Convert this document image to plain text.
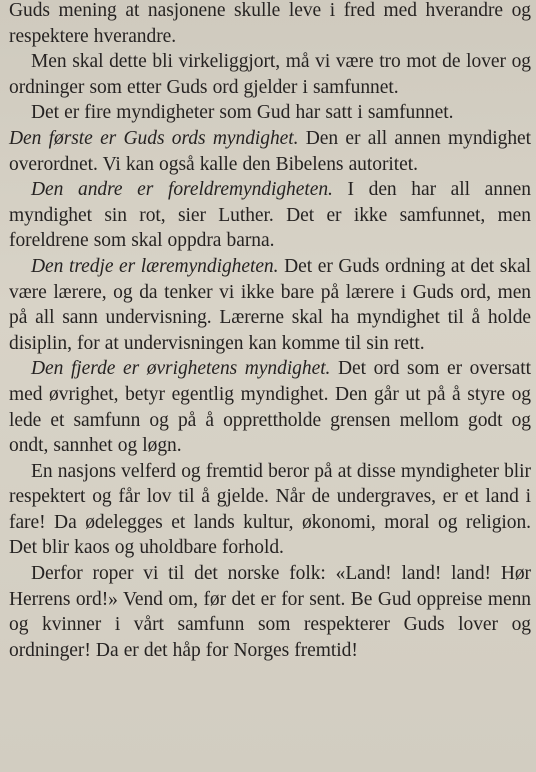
Guds mening at nasjonene skulle leve i fred med hverandre og respektere hverandre.

Men skal dette bli virkeliggjort, må vi være tro mot de lover og ordninger som etter Guds ord gjelder i samfunnet.

Det er fire myndigheter som Gud har satt i samfunnet.

Den første er Guds ords myndighet. Den er all annen myndighet overordnet. Vi kan også kalle den Bibelens autoritet.

Den andre er foreldremyndigheten. I den har all annen myndighet sin rot, sier Luther. Det er ikke samfunnet, men foreldrene som skal oppdra barna.

Den tredje er læremyndigheten. Det er Guds ordning at det skal være lærere, og da tenker vi ikke bare på lærere i Guds ord, men på all sann undervisning. Lærerne skal ha myndighet til å holde disiplin, for at undervisningen kan komme til sin rett.

Den fjerde er øvrighetens myndighet. Det ord som er oversatt med øvrighet, betyr egentlig myndighet. Den går ut på å styre og lede et samfunn og på å opprettholde grensen mellom godt og ondt, sannhet og løgn.

En nasjons velferd og fremtid beror på at disse myndigheter blir respektert og får lov til å gjelde. Når de undergraves, er et land i fare! Da ødelegges et lands kultur, økonomi, moral og religion. Det blir kaos og uholdbare forhold.

Derfor roper vi til det norske folk: «Land! land! land! Hør Herrens ord!» Vend om, før det er for sent. Be Gud oppreise menn og kvinner i vårt samfunn som respekterer Guds lover og ordninger! Da er det håp for Norges fremtid!
